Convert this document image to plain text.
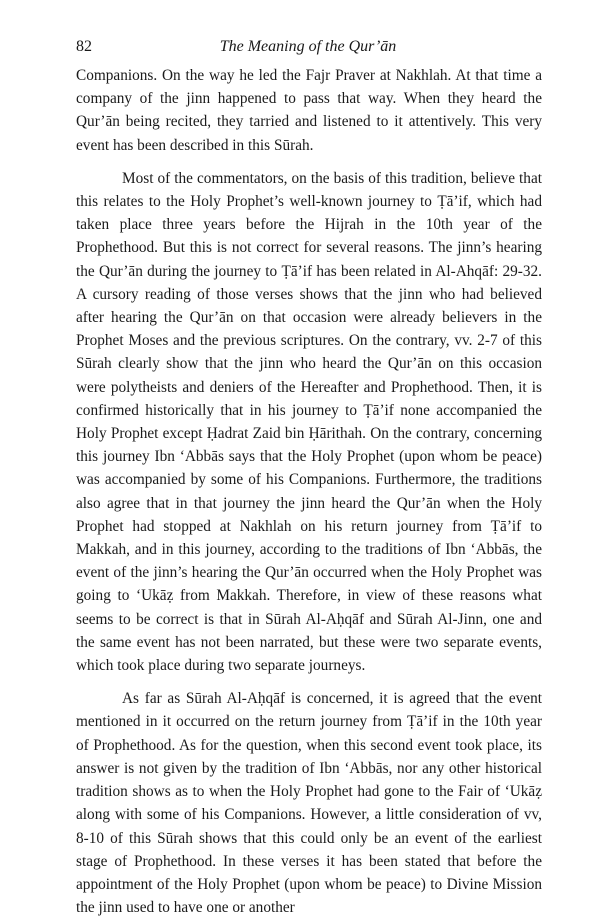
82	The Meaning of the Qur’ān

Companions. On the way he led the Fajr Praver at Nakhlah. At that time a company of the jinn happened to pass that way. When they heard the Qur’ān being recited, they tarried and listened to it attentively. This very event has been described in this Sūrah.

Most of the commentators, on the basis of this tradition, believe that this relates to the Holy Prophet’s well-known journey to Ṭā’if, which had taken place three years before the Hijrah in the 10th year of the Prophethood. But this is not correct for several reasons. The jinn’s hearing the Qur’ān during the journey to Ṭā’if has been related in Al-Ahqāf: 29-32. A cursory reading of those verses shows that the jinn who had believed after hearing the Qur’ān on that occasion were already believers in the Prophet Moses and the previous scriptures. On the contrary, vv. 2-7 of this Sūrah clearly show that the jinn who heard the Qur’ān on this occasion were polytheists and deniers of the Hereafter and Prophethood. Then, it is confirmed historically that in his journey to Ṭā’if none accompanied the Holy Prophet except Ḥadrat Zaid bin Ḥārithah. On the contrary, concerning this journey Ibn ‘Abbās says that the Holy Prophet (upon whom be peace) was accompanied by some of his Companions. Furthermore, the traditions also agree that in that journey the jinn heard the Qur’ān when the Holy Prophet had stopped at Nakhlah on his return journey from Ṭā’if to Makkah, and in this journey, according to the traditions of Ibn ‘Abbās, the event of the jinn’s hearing the Qur’ān occurred when the Holy Prophet was going to ‘Ukāẓ from Makkah. Therefore, in view of these reasons what seems to be correct is that in Sūrah Al-Aḥqāf and Sūrah Al-Jinn, one and the same event has not been narrated, but these were two separate events, which took place during two separate journeys.

As far as Sūrah Al-Aḥqāf is concerned, it is agreed that the event mentioned in it occurred on the return journey from Ṭā’if in the 10th year of Prophethood. As for the question, when this second event took place, its answer is not given by the tradition of Ibn ‘Abbās, nor any other historical tradition shows as to when the Holy Prophet had gone to the Fair of ‘Ukāẓ along with some of his Companions. However, a little consideration of vv, 8-10 of this Sūrah shows that this could only be an event of the earliest stage of Prophethood. In these verses it has been stated that before the appointment of the Holy Prophet (upon whom be peace) to Divine Mission the jinn used to have one or another
